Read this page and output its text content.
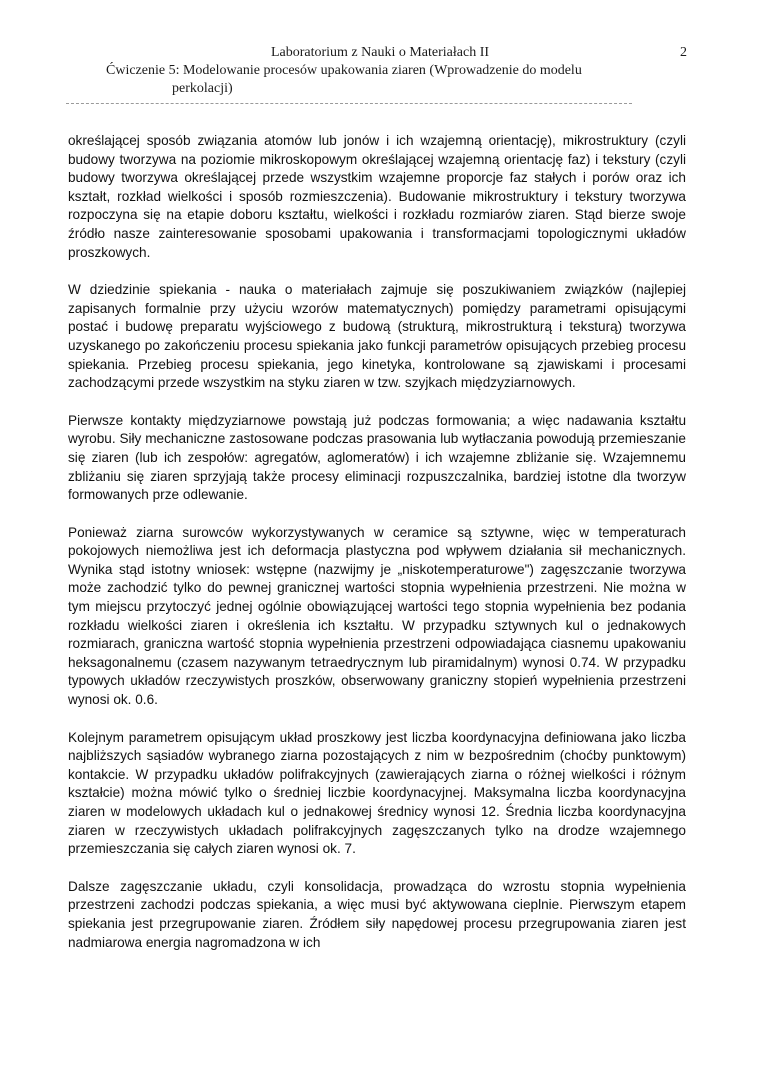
Laboratorium z Nauki o Materiałach II
Ćwiczenie 5: Modelowanie procesów upakowania ziaren (Wprowadzenie do modelu
perkolacji)
2

określającej sposób związania atomów lub jonów i ich wzajemną orientację), mikrostruktury (czyli budowy tworzywa na poziomie mikroskopowym określającej wzajemną orientację faz) i tekstury (czyli budowy tworzywa określającej przede wszystkim wzajemne proporcje faz stałych i porów oraz ich kształt, rozkład wielkości i sposób rozmieszczenia). Budowanie mikrostruktury i tekstury tworzywa rozpoczyna się na etapie doboru kształtu, wielkości i rozkładu rozmiarów ziaren. Stąd bierze swoje źródło nasze zainteresowanie sposobami upakowania i transformacjami topologicznymi układów proszkowych.

W dziedzinie spiekania - nauka o materiałach zajmuje się poszukiwaniem związków (najlepiej zapisanych formalnie przy użyciu wzorów matematycznych) pomiędzy parametrami opisującymi postać i budowę preparatu wyjściowego z budową (strukturą, mikrostrukturą i teksturą) tworzywa uzyskanego po zakończeniu procesu spiekania jako funkcji parametrów opisujących przebieg procesu spiekania. Przebieg procesu spiekania, jego kinetyka, kontrolowane są zjawiskami i procesami zachodzącymi przede wszystkim na styku ziaren w tzw. szyjkach międzyziarnowych.

Pierwsze kontakty międzyziarnowe powstają już podczas formowania; a więc nadawania kształtu wyrobu. Siły mechaniczne zastosowane podczas prasowania lub wytłaczania powodują przemieszanie się ziaren (lub ich zespołów: agregatów, aglomeratów) i ich wzajemne zbliżanie się. Wzajemnemu zbliżaniu się ziaren sprzyjają także procesy eliminacji rozpuszczalnika, bardziej istotne dla tworzyw formowanych prze odlewanie.

Ponieważ ziarna surowców wykorzystywanych w ceramice są sztywne, więc w temperaturach pokojowych niemożliwa jest ich deformacja plastyczna pod wpływem działania sił mechanicznych. Wynika stąd istotny wniosek: wstępne (nazwijmy je „niskotemperaturowe") zagęszczanie tworzywa może zachodzić tylko do pewnej granicznej wartości stopnia wypełnienia przestrzeni. Nie można w tym miejscu przytoczyć jednej ogólnie obowiązującej wartości tego stopnia wypełnienia bez podania rozkładu wielkości ziaren i określenia ich kształtu. W przypadku sztywnych kul o jednakowych rozmiarach, graniczna wartość stopnia wypełnienia przestrzeni odpowiadająca ciasnemu upakowaniu heksagonalnemu (czasem nazywanym tetraedrycznym lub piramidalnym) wynosi 0.74. W przypadku typowych układów rzeczywistych proszków, obserwowany graniczny stopień wypełnienia przestrzeni wynosi ok. 0.6.

Kolejnym parametrem opisującym układ proszkowy jest liczba koordynacyjna definiowana jako liczba najbliższych sąsiadów wybranego ziarna pozostających z nim w bezpośrednim (choćby punktowym) kontakcie. W przypadku układów polifrakcyjnych (zawierających ziarna o różnej wielkości i różnym kształcie) można mówić tylko o średniej liczbie koordynacyjnej. Maksymalna liczba koordynacyjna ziaren w modelowych układach kul o jednakowej średnicy wynosi 12. Średnia liczba koordynacyjna ziaren w rzeczywistych układach polifrakcyjnych zagęszczanych tylko na drodze wzajemnego przemieszczania się całych ziaren wynosi ok. 7.

Dalsze zagęszczanie układu, czyli konsolidacja, prowadząca do wzrostu stopnia wypełnienia przestrzeni zachodzi podczas spiekania, a więc musi być aktywowana cieplnie. Pierwszym etapem spiekania jest przegrupowanie ziaren. Źródłem siły napędowej procesu przegrupowania ziaren jest nadmiarowa energia nagromadzona w ich
